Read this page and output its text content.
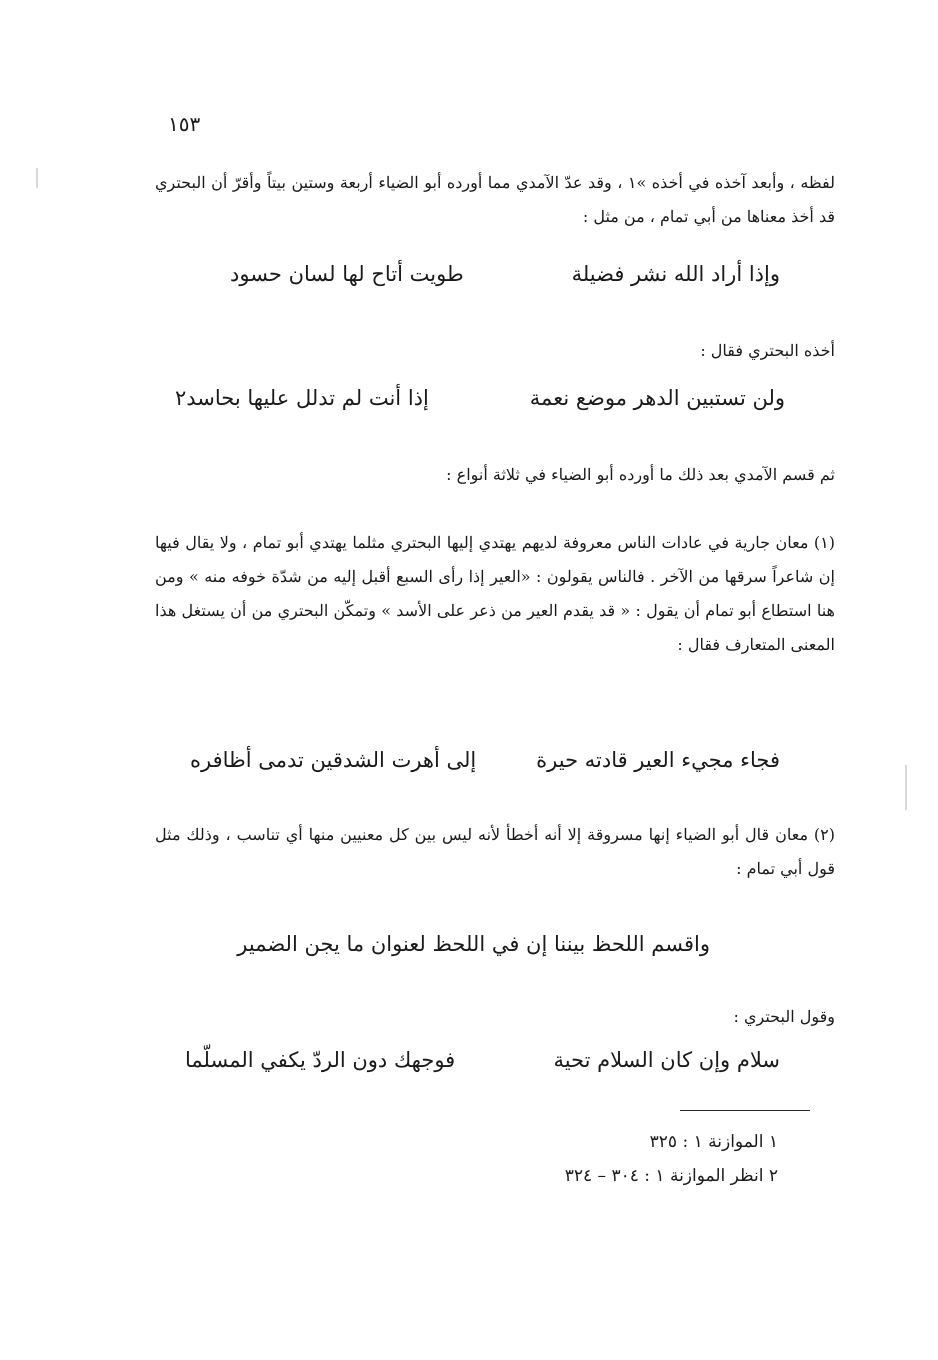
١٥٣

لفظه ، وأبعد آخذه في أخذه »١ ، وقد عدّ الآمدي مما أورده أبو الضياء أربعة وستين بيتاً وأقرّ أن البحتري قد أخذ معناها من أبي تمام ، من مثل :

وإذا أراد الله نشر فضيلة
طويت أتاح لها لسان حسود

أخذه البحتري فقال :

ولن تستبين الدهر موضع نعمة
إذا أنت لم تدلل عليها بحاسد٢

ثم قسم الآمدي بعد ذلك ما أورده أبو الضياء في ثلاثة أنواع :

(١) معان جارية في عادات الناس معروفة لديهم يهتدي إليها البحتري مثلما يهتدي أبو تمام ، ولا يقال فيها إن شاعراً سرقها من الآخر . فالناس يقولون : «العير إذا رأى السبع أقبل إليه من شدّة خوفه منه » ومن هنا استطاع أبو تمام أن يقول : « قد يقدم العير من ذعر على الأسد » وتمكّن البحتري من أن يستغل هذا المعنى المتعارف فقال :

فجاء مجيء العير قادته حيرة
إلى أهرت الشدقين تدمى أظافره

(٢) معان قال أبو الضياء إنها مسروقة إلا أنه أخطأ لأنه ليس بين كل معنيين منها أي تناسب ، وذلك مثل قول أبي تمام :

واقسم اللحظ بيننا إن في اللحظ لعنوان ما يجن الضمير

وقول البحتري :

سلام وإن كان السلام تحية
فوجهك دون الردّ يكفي المسلّما
١ الموازنة ١ : ٣٢٥
٢ انظر الموازنة ١ : ٣٠٤ – ٣٢٤
